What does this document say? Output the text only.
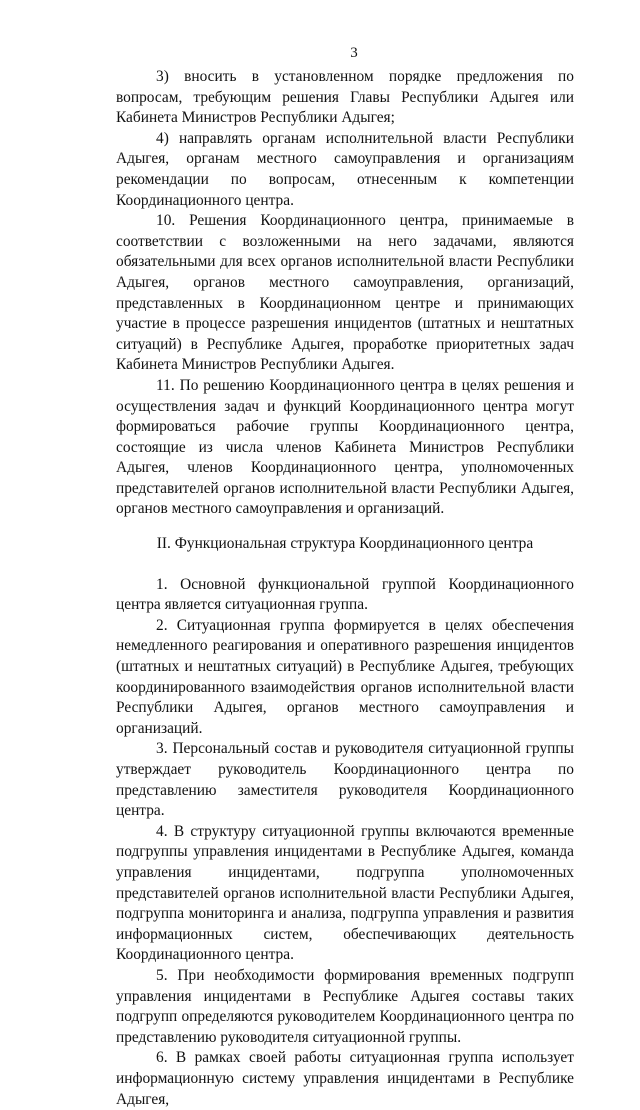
3

3) вносить в установленном порядке предложения по вопросам, требующим решения Главы Республики Адыгея или Кабинета Министров Республики Адыгея;

4) направлять органам исполнительной власти Республики Адыгея, органам местного самоуправления и организациям рекомендации по вопросам, отнесенным к компетенции Координационного центра.

10. Решения Координационного центра, принимаемые в соответствии с возложенными на него задачами, являются обязательными для всех органов исполнительной власти Республики Адыгея, органов местного самоуправления, организаций, представленных в Координационном центре и принимающих участие в процессе разрешения инцидентов (штатных и нештатных ситуаций) в Республике Адыгея, проработке приоритетных задач Кабинета Министров Республики Адыгея.

11. По решению Координационного центра в целях решения и осуществления задач и функций Координационного центра могут формироваться рабочие группы Координационного центра, состоящие из числа членов Кабинета Министров Республики Адыгея, членов Координационного центра, уполномоченных представителей органов исполнительной власти Республики Адыгея, органов местного самоуправления и организаций.

II. Функциональная структура Координационного центра

1. Основной функциональной группой Координационного центра является ситуационная группа.

2. Ситуационная группа формируется в целях обеспечения немедленного реагирования и оперативного разрешения инцидентов (штатных и нештатных ситуаций) в Республике Адыгея, требующих координированного взаимодействия органов исполнительной власти Республики Адыгея, органов местного самоуправления и организаций.

3. Персональный состав и руководителя ситуационной группы утверждает руководитель Координационного центра по представлению заместителя руководителя Координационного центра.

4. В структуру ситуационной группы включаются временные подгруппы управления инцидентами в Республике Адыгея, команда управления инцидентами, подгруппа уполномоченных представителей органов исполнительной власти Республики Адыгея, подгруппа мониторинга и анализа, подгруппа управления и развития информационных систем, обеспечивающих деятельность Координационного центра.

5. При необходимости формирования временных подгрупп управления инцидентами в Республике Адыгея составы таких подгрупп определяются руководителем Координационного центра по представлению руководителя ситуационной группы.

6. В рамках своей работы ситуационная группа использует информационную систему управления инцидентами в Республике Адыгея,
